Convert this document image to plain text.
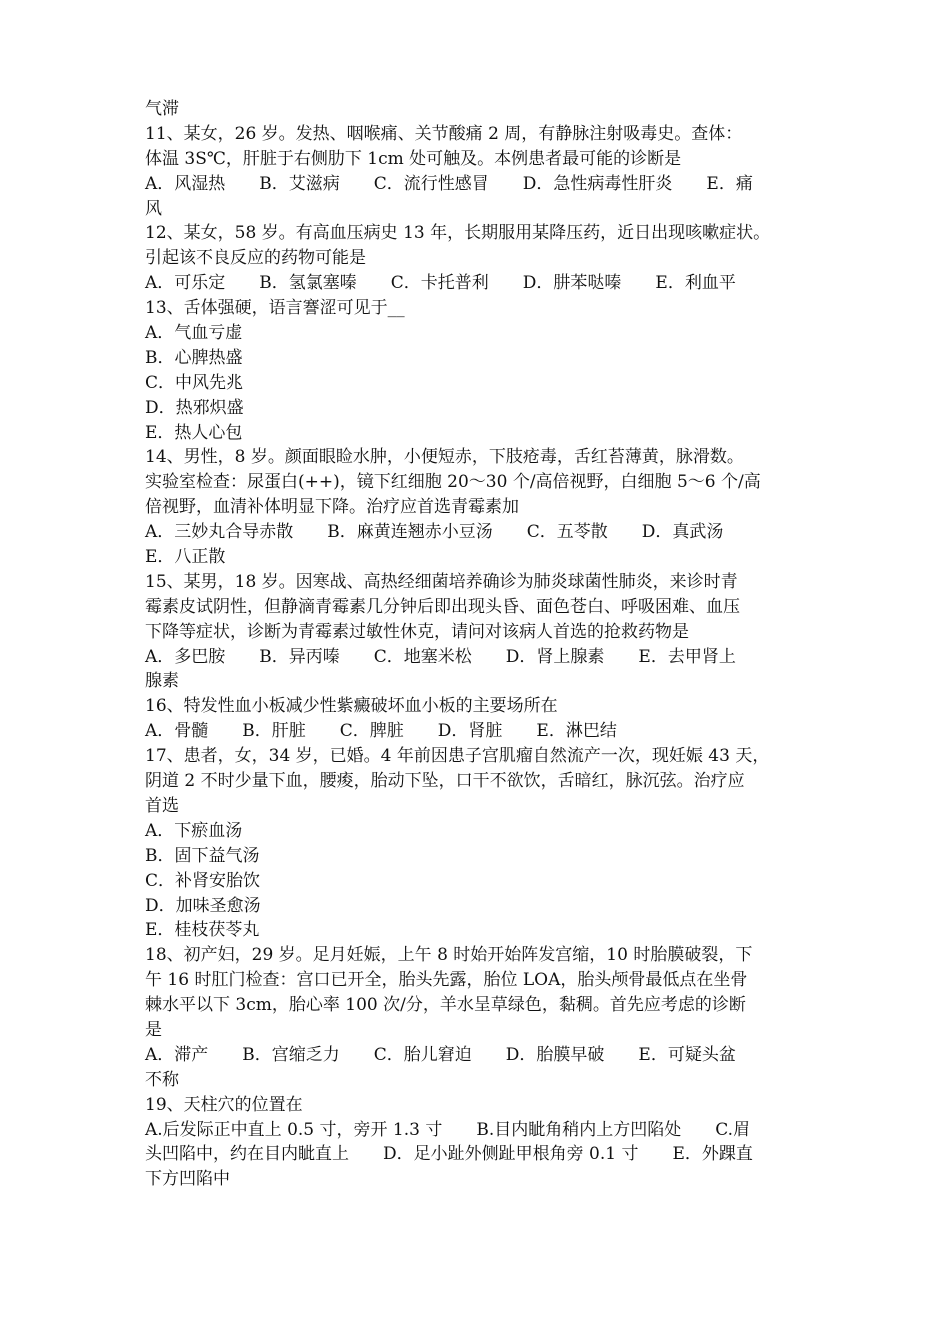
气滞
11、某女，26 岁。发热、咽喉痛、关节酸痛 2 周，有静脉注射吸毒史。查体：
体温 3S℃，肝脏于右侧肋下 1cm 处可触及。本例患者最可能的诊断是
A．风湿热　　B．艾滋病　　C．流行性感冒　　D．急性病毒性肝炎　　E．痛
风
12、某女，58 岁。有高血压病史 13 年，长期服用某降压药，近日出现咳嗽症状。
引起该不良反应的药物可能是
A．可乐定　　B．氢氯塞嗪　　C．卡托普利　　D．肼苯哒嗪　　E．利血平
13、舌体强硬，语言謇涩可见于__
A．气血亏虚
B．心脾热盛
C．中风先兆
D．热邪炽盛
E．热人心包
14、男性，8 岁。颜面眼睑水肿，小便短赤，下肢疮毒，舌红苔薄黄，脉滑数。
实验室检查：尿蛋白(++)，镜下红细胞 20～30 个/高倍视野，白细胞 5～6 个/高
倍视野，血清补体明显下降。治疗应首选青霉素加
A．三妙丸合导赤散　　B．麻黄连翘赤小豆汤　　C．五苓散　　D．真武汤
E．八正散
15、某男，18 岁。因寒战、高热经细菌培养确诊为肺炎球菌性肺炎，来诊时青
霉素皮试阴性，但静滴青霉素几分钟后即出现头昏、面色苍白、呼吸困难、血压
下降等症状，诊断为青霉素过敏性休克，请问对该病人首选的抢救药物是
A．多巴胺　　B．异丙嗪　　C．地塞米松　　D．肾上腺素　　E．去甲肾上
腺素
16、特发性血小板减少性紫癜破坏血小板的主要场所在
A．骨髓　　B．肝脏　　C．脾脏　　D．肾脏　　E．淋巴结
17、患者，女，34 岁，已婚。4 年前因患子宫肌瘤自然流产一次，现妊娠 43 天，
阴道 2 不时少量下血，腰痠，胎动下坠，口干不欲饮，舌暗红，脉沉弦。治疗应
首选
A．下瘀血汤
B．固下益气汤
C．补肾安胎饮
D．加味圣愈汤
E．桂枝茯苓丸
18、初产妇，29 岁。足月妊娠，上午 8 时始开始阵发宫缩，10 时胎膜破裂，下
午 16 时肛门检查：宫口已开全，胎头先露，胎位 LOA，胎头颅骨最低点在坐骨
棘水平以下 3cm，胎心率 100 次/分，羊水呈草绿色，黏稠。首先应考虑的诊断
是
A．滞产　　B．宫缩乏力　　C．胎儿窘迫　　D．胎膜早破　　E．可疑头盆
不称
19、天柱穴的位置在
A.后发际正中直上 0.5 寸，旁开 1.3 寸　　B.目内眦角稍内上方凹陷处　　C.眉
头凹陷中，约在目内眦直上　　D．足小趾外侧趾甲根角旁 0.1 寸　　E．外踝直
下方凹陷中
